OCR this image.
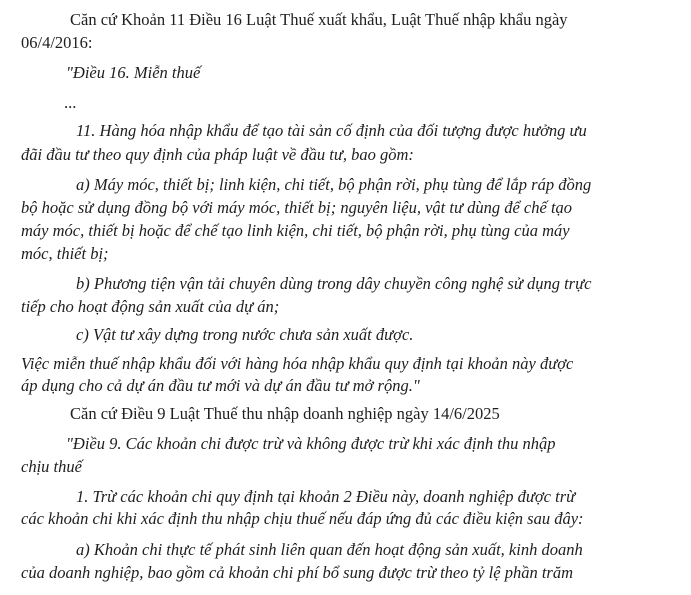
Căn cứ Khoản 11 Điều 16 Luật Thuế xuất khẩu, Luật Thuế nhập khẩu ngày
06/4/2016:
"Điều 16. Miễn thuế
...
11. Hàng hóa nhập khẩu để tạo tài sản cố định của đối tượng được hưởng ưu
đãi đầu tư theo quy định của pháp luật về đầu tư, bao gồm:
a) Máy móc, thiết bị; linh kiện, chi tiết, bộ phận rời, phụ tùng để lắp ráp đồng
bộ hoặc sử dụng đồng bộ với máy móc, thiết bị; nguyên liệu, vật tư dùng để chế tạo
máy móc, thiết bị hoặc để chế tạo linh kiện, chi tiết, bộ phận rời, phụ tùng của máy
móc, thiết bị;
b) Phương tiện vận tải chuyên dùng trong dây chuyền công nghệ sử dụng trực
tiếp cho hoạt động sản xuất của dự án;
c) Vật tư xây dựng trong nước chưa sản xuất được.
Việc miễn thuế nhập khẩu đối với hàng hóa nhập khẩu quy định tại khoản này được
áp dụng cho cả dự án đầu tư mới và dự án đầu tư mở rộng."
Căn cứ Điều 9 Luật Thuế thu nhập doanh nghiệp ngày 14/6/2025
"Điều 9. Các khoản chi được trừ và không được trừ khi xác định thu nhập
chịu thuế
1. Trừ các khoản chi quy định tại khoản 2 Điều này, doanh nghiệp được trừ
các khoản chi khi xác định thu nhập chịu thuế nếu đáp ứng đủ các điều kiện sau đây:
a) Khoản chi thực tế phát sinh liên quan đến hoạt động sản xuất, kinh doanh
của doanh nghiệp, bao gồm cả khoản chi phí bổ sung được trừ theo tỷ lệ phần trăm
